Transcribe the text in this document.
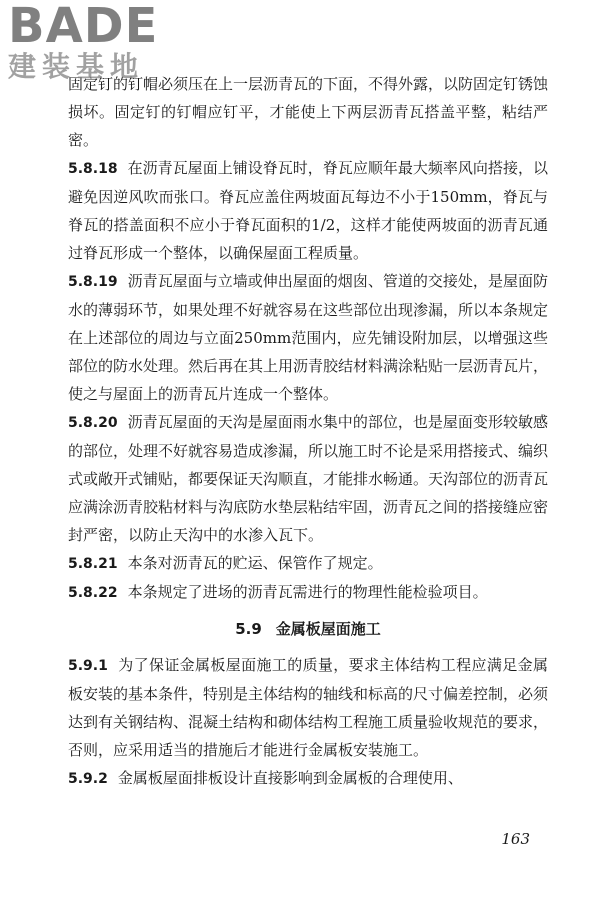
BADE
建装基地

固定钉的钉帽必须压在上一层沥青瓦的下面，不得外露，以防固定钉锈蚀损坏。固定钉的钉帽应钉平，才能使上下两层沥青瓦搭盖平整，粘结严密。

5.8.18 在沥青瓦屋面上铺设脊瓦时，脊瓦应顺年最大频率风向搭接，以避免因逆风吹而张口。脊瓦应盖住两坡面瓦每边不小于150mm，脊瓦与脊瓦的搭盖面积不应小于脊瓦面积的1/2，这样才能使两坡面的沥青瓦通过脊瓦形成一个整体，以确保屋面工程质量。

5.8.19 沥青瓦屋面与立墙或伸出屋面的烟囱、管道的交接处，是屋面防水的薄弱环节，如果处理不好就容易在这些部位出现渗漏，所以本条规定在上述部位的周边与立面250mm范围内，应先铺设附加层，以增强这些部位的防水处理。然后再在其上用沥青胶结材料满涂粘贴一层沥青瓦片，使之与屋面上的沥青瓦片连成一个整体。

5.8.20 沥青瓦屋面的天沟是屋面雨水集中的部位，也是屋面变形较敏感的部位，处理不好就容易造成渗漏，所以施工时不论是采用搭接式、编织式或敞开式铺贴，都要保证天沟顺直，才能排水畅通。天沟部位的沥青瓦应满涂沥青胶粘材料与沟底防水垫层粘结牢固，沥青瓦之间的搭接缝应密封严密，以防止天沟中的水渗入瓦下。

5.8.21 本条对沥青瓦的贮运、保管作了规定。

5.8.22 本条规定了进场的沥青瓦需进行的物理性能检验项目。

5.9 金属板屋面施工

5.9.1 为了保证金属板屋面施工的质量，要求主体结构工程应满足金属板安装的基本条件，特别是主体结构的轴线和标高的尺寸偏差控制，必须达到有关钢结构、混凝土结构和砌体结构工程施工质量验收规范的要求，否则，应采用适当的措施后才能进行金属板安装施工。

5.9.2 金属板屋面排板设计直接影响到金属板的合理使用、

163
